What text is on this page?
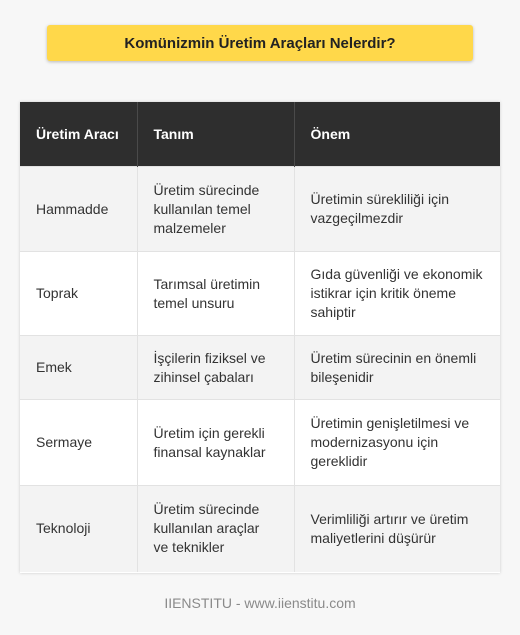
Komünizmin Üretim Araçları Nelerdir?
Üretim Aracı	Tanım	Önem
Hammadde	Üretim sürecinde kullanılan temel malzemeler	Üretimin sürekliliği için vazgeçilmezdir
Toprak	Tarımsal üretimin temel unsuru	Gıda güvenliği ve ekonomik istikrar için kritik öneme sahiptir
Emek	İşçilerin fiziksel ve zihinsel çabaları	Üretim sürecinin en önemli bileşenidir
Sermaye	Üretim için gerekli finansal kaynaklar	Üretimin genişletilmesi ve modernizasyonu için gereklidir
Teknoloji	Üretim sürecinde kullanılan araçlar ve teknikler	Verimliliği artırır ve üretim maliyetlerini düşürür
IIENSTITU - www.iienstitu.com
